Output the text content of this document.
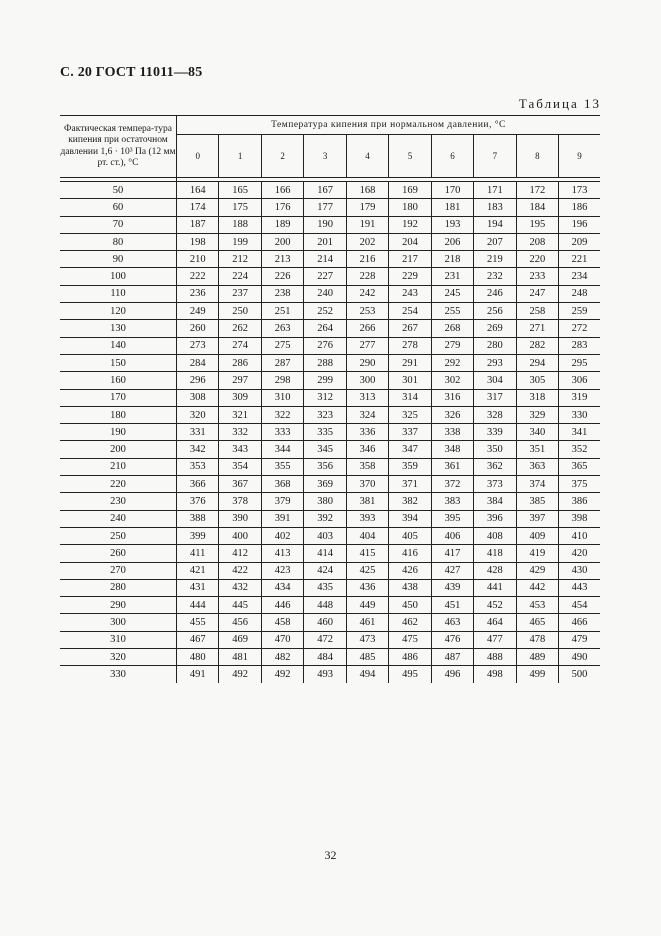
С. 20 ГОСТ 11011—85
Таблица 13
Фактическая темпера-тура кипения при остаточном давлении 1,6 · 10³ Па (12 мм рт. ст.), °С	Температура кипения при нормальном давлении, °С									
	0	1	2	3	4	5	6	7	8	9

50	164	165	166	167	168	169	170	171	172	173
60	174	175	176	177	179	180	181	183	184	186
70	187	188	189	190	191	192	193	194	195	196
80	198	199	200	201	202	204	206	207	208	209
90	210	212	213	214	216	217	218	219	220	221
100	222	224	226	227	228	229	231	232	233	234
110	236	237	238	240	242	243	245	246	247	248
120	249	250	251	252	253	254	255	256	258	259
130	260	262	263	264	266	267	268	269	271	272
140	273	274	275	276	277	278	279	280	282	283
150	284	286	287	288	290	291	292	293	294	295
160	296	297	298	299	300	301	302	304	305	306
170	308	309	310	312	313	314	316	317	318	319
180	320	321	322	323	324	325	326	328	329	330
190	331	332	333	335	336	337	338	339	340	341
200	342	343	344	345	346	347	348	350	351	352
210	353	354	355	356	358	359	361	362	363	365
220	366	367	368	369	370	371	372	373	374	375
230	376	378	379	380	381	382	383	384	385	386
240	388	390	391	392	393	394	395	396	397	398
250	399	400	402	403	404	405	406	408	409	410
260	411	412	413	414	415	416	417	418	419	420
270	421	422	423	424	425	426	427	428	429	430
280	431	432	434	435	436	438	439	441	442	443
290	444	445	446	448	449	450	451	452	453	454
300	455	456	458	460	461	462	463	464	465	466
310	467	469	470	472	473	475	476	477	478	479
320	480	481	482	484	485	486	487	488	489	490
330	491	492	492	493	494	495	496	498	499	500
32
